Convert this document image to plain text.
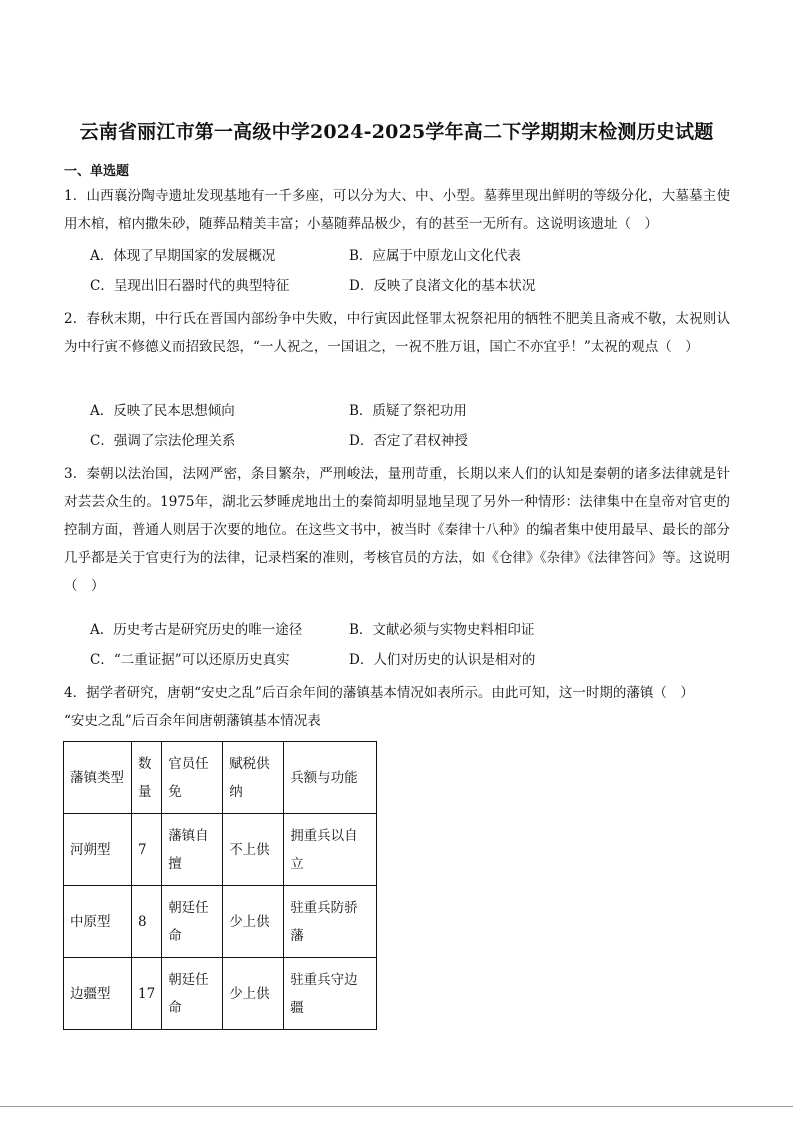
云南省丽江市第一高级中学2024-2025学年高二下学期期末检测历史试题
一、单选题
1．山西襄汾陶寺遗址发现基地有一千多座，可以分为大、中、小型。墓葬里现出鲜明的等级分化，大墓墓主使用木棺，棺内撒朱砂，随葬品精美丰富；小墓随葬品极少，有的甚至一无所有。这说明该遗址（　）
A．体现了早期国家的发展概况	B．应属于中原龙山文化代表
C．呈现出旧石器时代的典型特征	D．反映了良渚文化的基本状况
2．春秋末期，中行氏在晋国内部纷争中失败，中行寅因此怪罪太祝祭祀用的牺牲不肥美且斋戒不敬，太祝则认为中行寅不修德义而招致民怨，“一人祝之，一国诅之，一祝不胜万诅，国亡不亦宜乎！”太祝的观点（　）
A．反映了民本思想倾向	B．质疑了祭祀功用
C．强调了宗法伦理关系	D．否定了君权神授
3．秦朝以法治国，法网严密，条目繁杂，严刑峻法，量刑苛重，长期以来人们的认知是秦朝的诸多法律就是针对芸芸众生的。1975年，湖北云梦睡虎地出土的秦简却明显地呈现了另外一种情形：法律集中在皇帝对官吏的控制方面，普通人则居于次要的地位。在这些文书中，被当时《秦律十八种》的编者集中使用最早、最长的部分几乎都是关于官吏行为的法律，记录档案的准则，考核官员的方法，如《仓律》《杂律》《法律答问》等。这说明（　）
A．历史考古是研究历史的唯一途径	B．文献必须与实物史料相印证
C．“二重证据”可以还原历史真实	D．人们对历史的认识是相对的
4．据学者研究，唐朝“安史之乱”后百余年间的藩镇基本情况如表所示。由此可知，这一时期的藩镇（　）
“安史之乱”后百余年间唐朝藩镇基本情况表
藩镇类型	数量	官员任免	赋税供纳	兵额与功能
河朔型	7	藩镇自擅	不上供	拥重兵以自立
中原型	8	朝廷任命	少上供	驻重兵防骄藩
边疆型	17	朝廷任命	少上供	驻重兵守边疆
